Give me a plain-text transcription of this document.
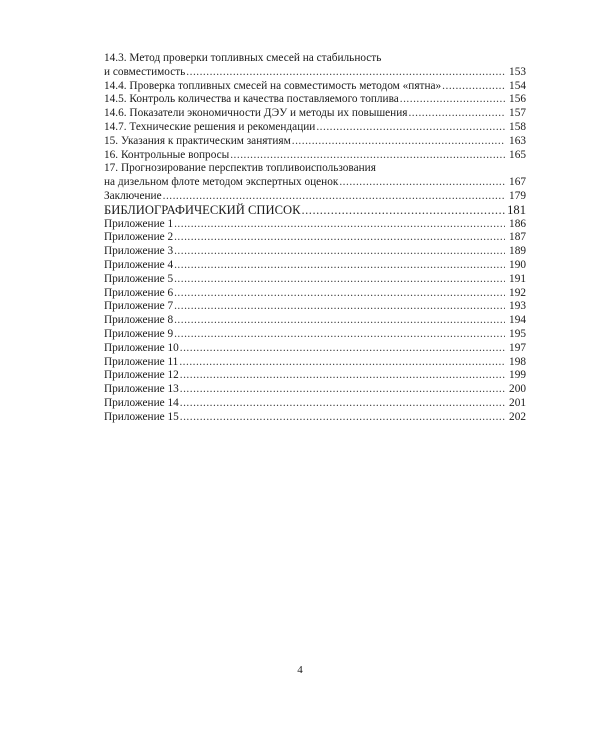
14.3. Метод проверки топливных смесей на стабильность
и совместимость .....	153
14.4. Проверка топливных смесей на совместимость методом «пятна» .....	154
14.5. Контроль количества и качества поставляемого топлива .....	156
14.6. Показатели экономичности ДЭУ и методы их повышения .....	157
14.7. Технические решения и рекомендации .....	158
15. Указания к практическим занятиям .....	163
16. Контрольные вопросы .....	165
17. Прогнозирование перспектив топливоиспользования
на дизельном флоте методом экспертных оценок .....	167
Заключение .....	179
БИБЛИОГРАФИЧЕСКИЙ СПИСОК .....	181
Приложение 1 .....	186
Приложение 2 .....	187
Приложение 3 .....	189
Приложение 4 .....	190
Приложение 5 .....	191
Приложение 6 .....	192
Приложение 7 .....	193
Приложение 8 .....	194
Приложение 9 .....	195
Приложение 10 .....	197
Приложение 11 .....	198
Приложение 12 .....	199
Приложение 13 .....	200
Приложение 14 .....	201
Приложение 15 .....	202
4
